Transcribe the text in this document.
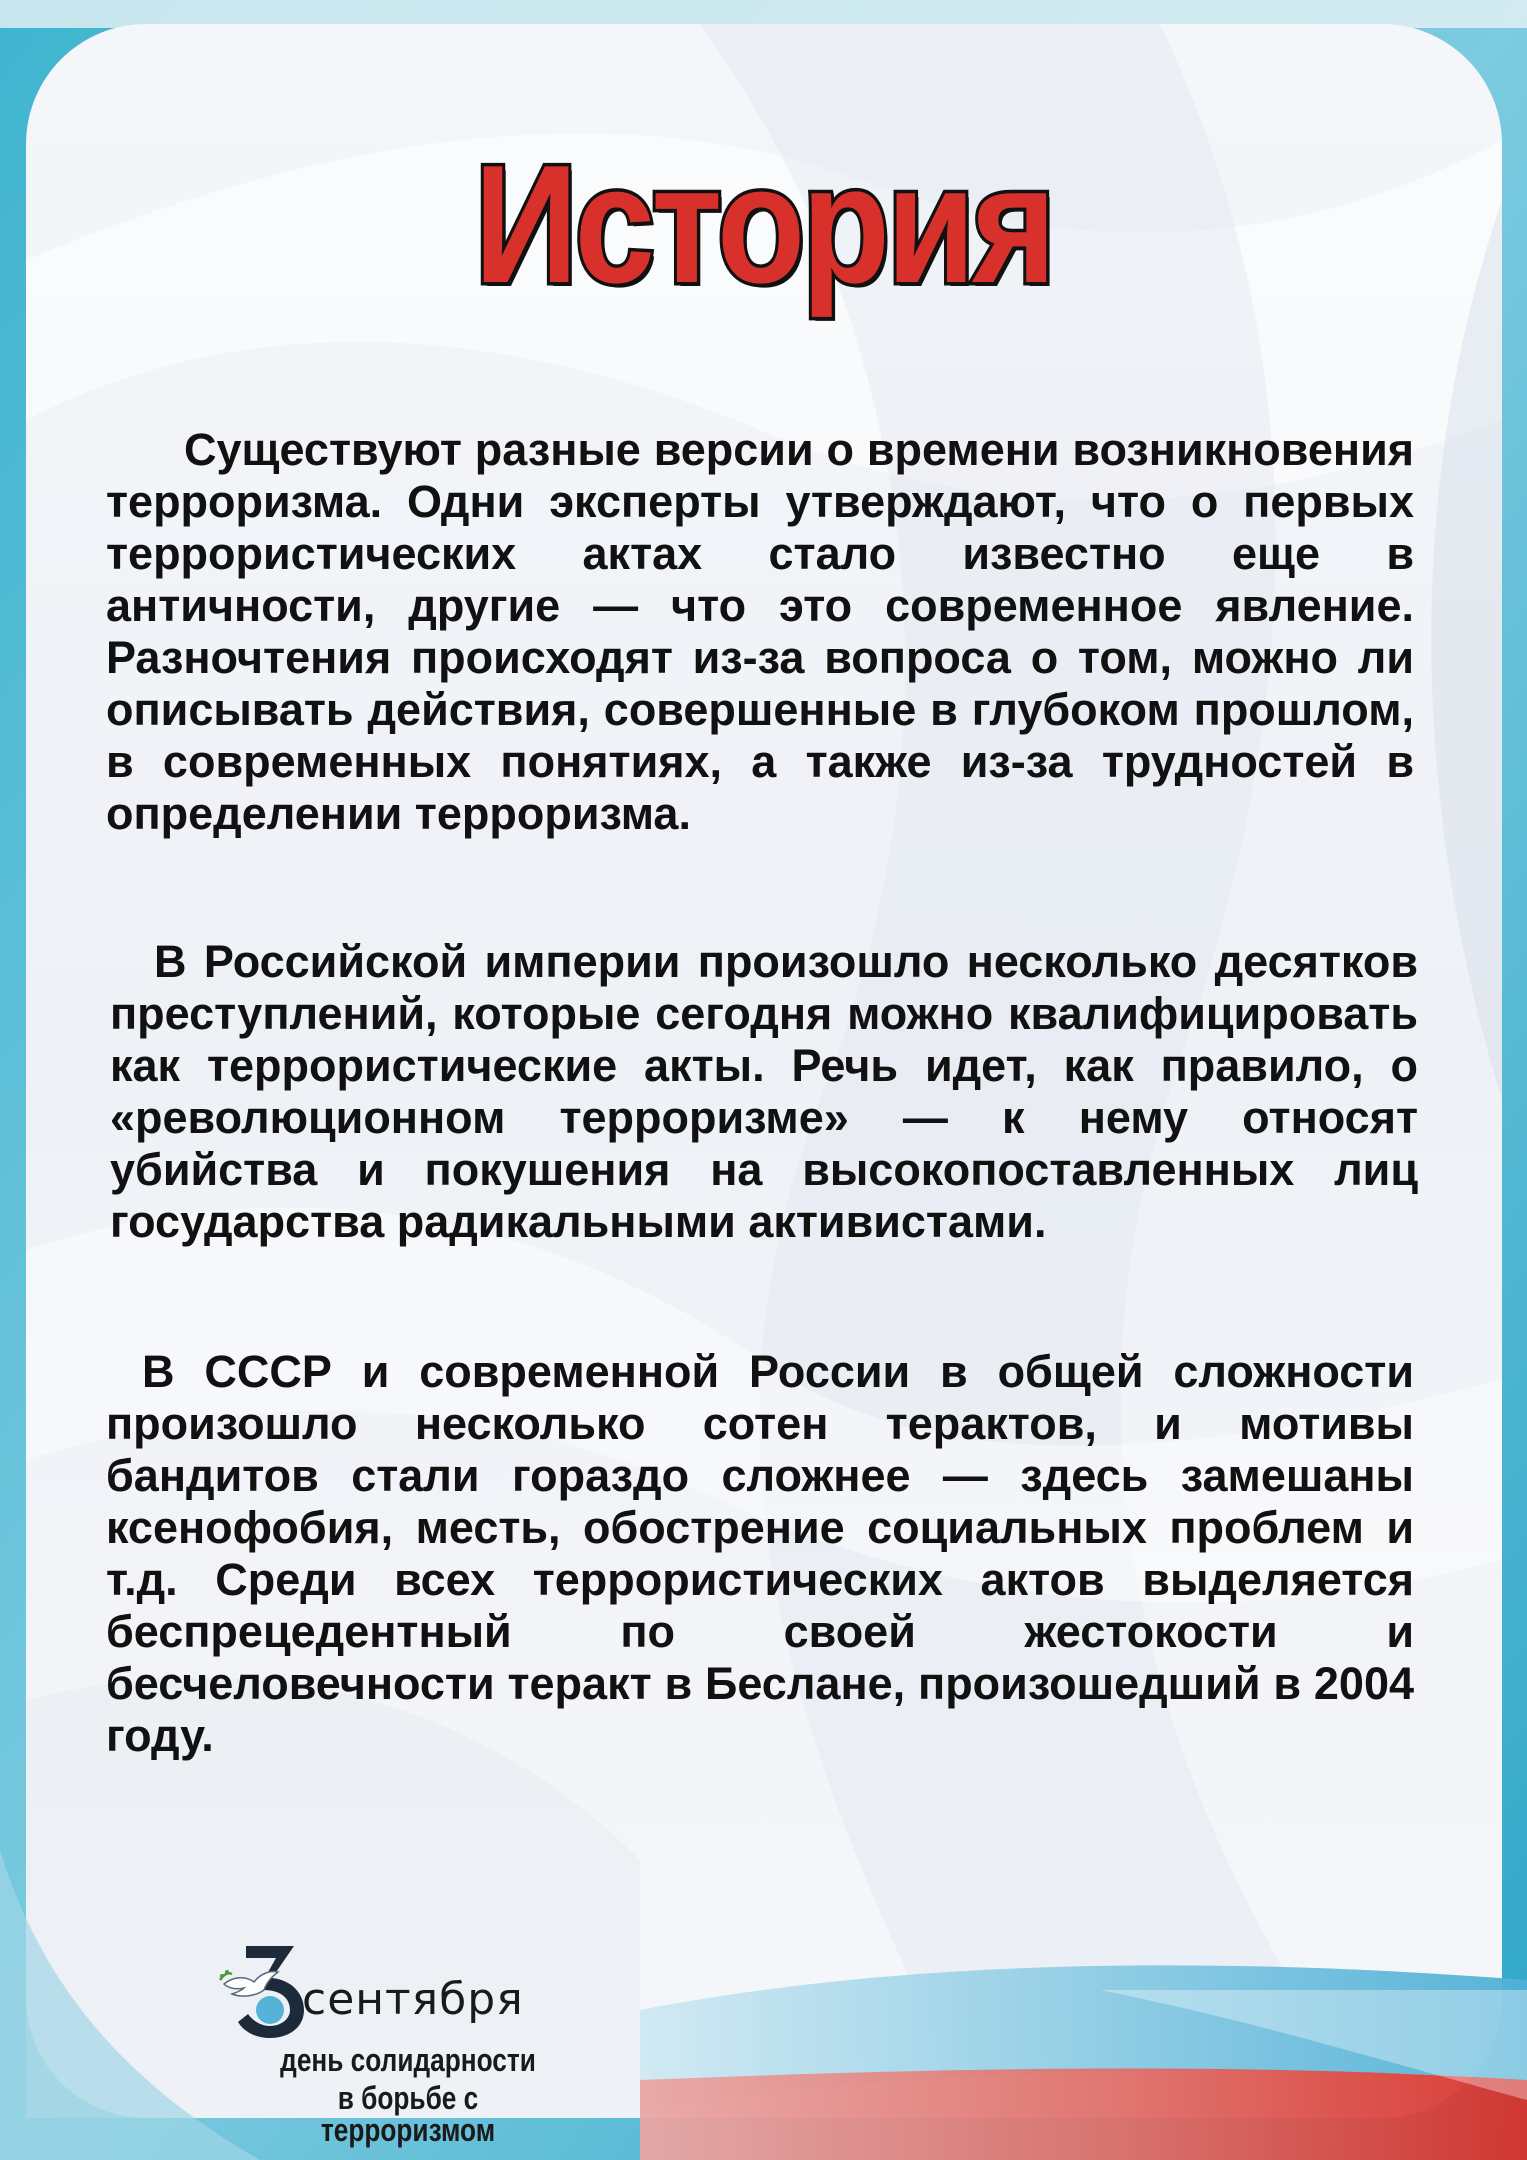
История

Существуют разные версии о времени возникновения терроризма. Одни эксперты утверждают, что о первых террористических актах стало известно еще в античности, другие — что это современное явление. Разночтения происходят из-за вопроса о том, можно ли описывать действия, совершенные в глубоком прошлом, в современных понятиях, а также из-за трудностей в определении терроризма.

В Российской империи произошло несколько десятков преступлений, которые сегодня можно квалифицировать как террористические акты. Речь идет, как правило, о «революционном терроризме» — к нему относят убийства и покушения на высокопоставленных лиц государства радикальными активистами.

В СССР и современной России в общей сложности произошло несколько сотен терактов, и мотивы бандитов стали гораздо сложнее — здесь замешаны ксенофобия, месть, обострение социальных проблем и т.д. Среди всех террористических актов выделяется беспрецедентный по своей жестокости и бесчеловечности теракт в Беслане, произошедший в 2004 году.

сентября
день солидарности
в борьбе с терроризмом
